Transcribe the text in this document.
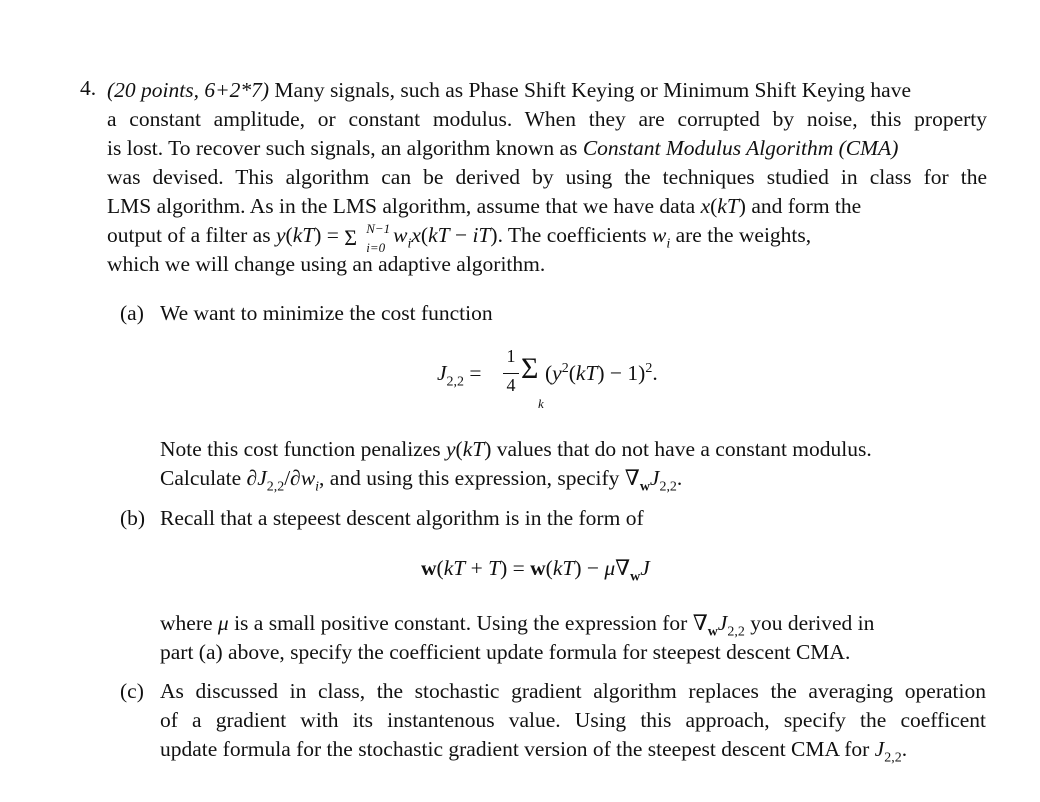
4. (20 points, 6+2*7) Many signals, such as Phase Shift Keying or Minimum Shift Keying have
a constant amplitude, or constant modulus. When they are corrupted by noise, this property
is lost. To recover such signals, an algorithm known as Constant Modulus Algorithm (CMA)
was devised. This algorithm can be derived by using the techniques studied in class for the
LMS algorithm. As in the LMS algorithm, assume that we have data x(kT) and form the
output of a filter as y(kT) = Σ N−1
i=0
$w_ix(kT - iT)$. The coefficients $w_i$ are the weights,
which we will change using an adaptive algorithm.
(a) We want to minimize the cost function
$J_{2,2}$ =
1
4 Σ
k
$(y^2(kT) - 1)^2$.
Note this cost function penalizes y(kT) values that do not have a constant modulus.
Calculate $\partial J_{2,2}/\partial w_i$, and using this expression, specify $\nabla_wJ_{2,2}$.
(b) Recall that a stepeest descent algorithm is in the form of
$w(kT + T) = w(kT) - \mu\nabla_wJ$
where μ is a small positive constant. Using the expression for $\nabla_wJ_{2,2}$ you derived in
part (a) above, specify the coefficient update formula for steepest descent CMA.
(c) As discussed in class, the stochastic gradient algorithm replaces the averaging operation
of a gradient with its instantenous value. Using this approach, specify the coefficent
update formula for the stochastic gradient version of the steepest descent CMA for $J_{2,2}$.
